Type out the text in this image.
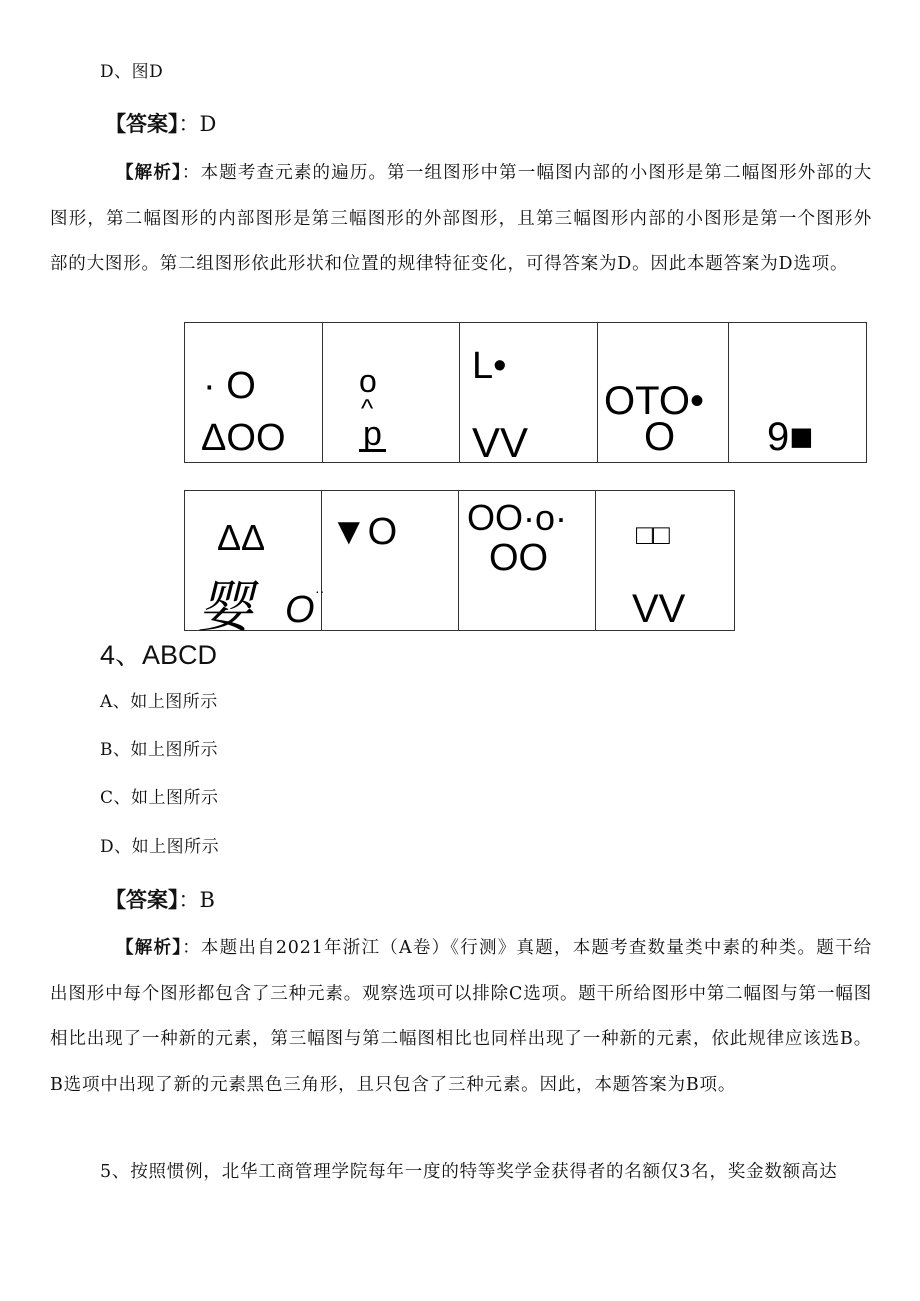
D、图D
【答案】：D

【解析】：本题考查元素的遍历。第一组图形中第一幅图内部的小图形是第二幅图形外部的大图形，第二幅图形的内部图形是第三幅图形的外部图形，且第三幅图形内部的小图形是第一个图形外部的大图形。第二组图形依此形状和位置的规律特征变化，可得答案为D。因此本题答案为D选项。

· O
ΔOO
o
^
p
L•
VV
OTO•
O 9■
ΔΔ
婴 O ··
▼O OO·o·
OO
□□
VV
4、ABCD
A、如上图所示
B、如上图所示
C、如上图所示
D、如上图所示
【答案】：B

【解析】：本题出自2021年浙江（A卷）《行测》真题，本题考查数量类中素的种类。题干给出图形中每个图形都包含了三种元素。观察选项可以排除C选项。题干所给图形中第二幅图与第一幅图相比出现了一种新的元素，第三幅图与第二幅图相比也同样出现了一种新的元素，依此规律应该选B。B选项中出现了新的元素黑色三角形，且只包含了三种元素。因此，本题答案为B项。

5、按照惯例，北华工商管理学院每年一度的特等奖学金获得者的名额仅3名，奖金数额高达
